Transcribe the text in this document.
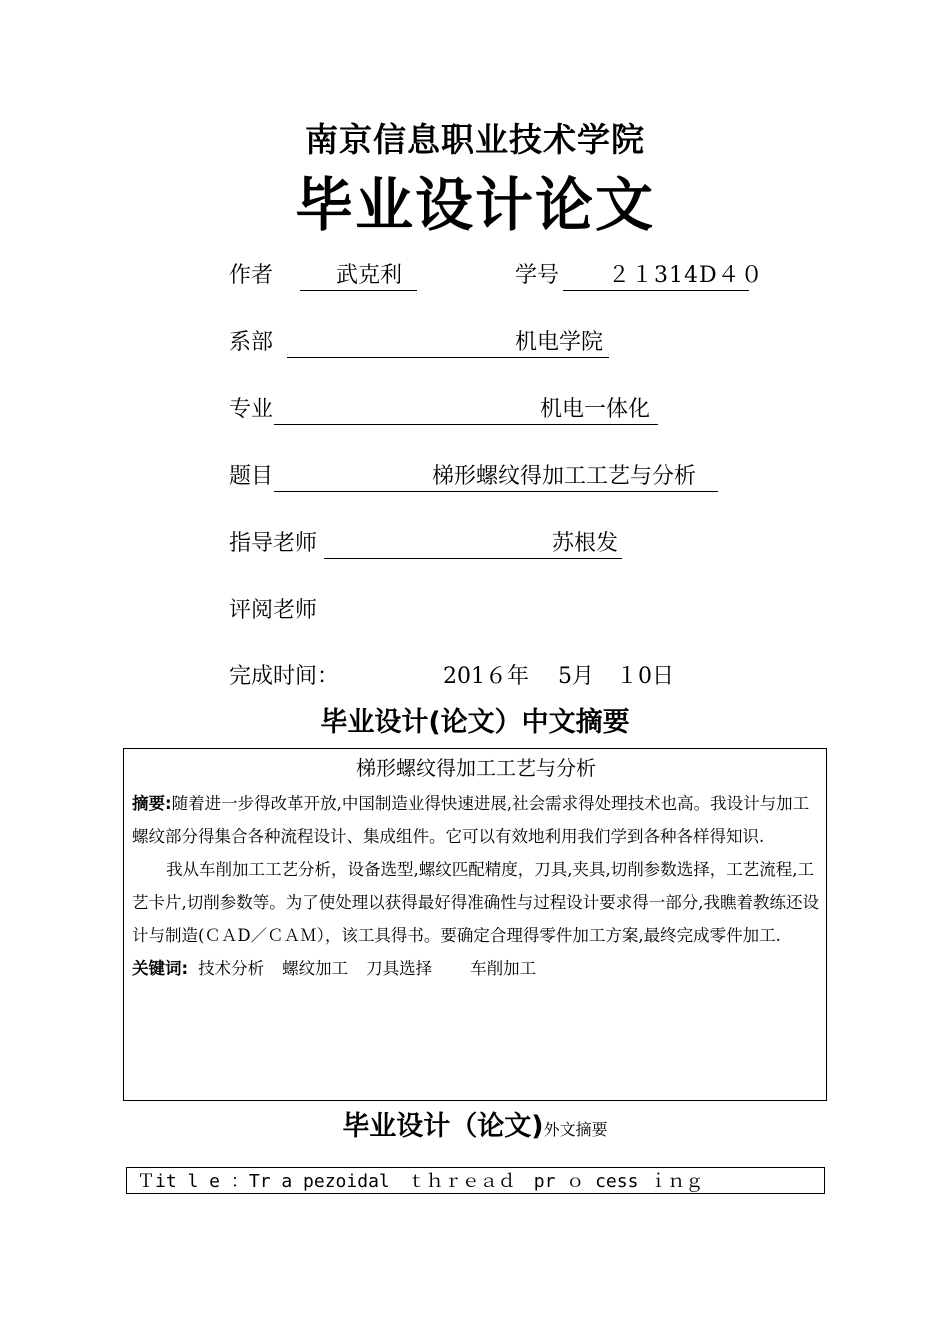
南京信息职业技术学院
毕业设计论文
作者	武克利	学号 ２１314D４０
系部	机电学院
专业	机电一体化
题目	梯形螺纹得加工工艺与分析
指导老师	苏根发
评阅老师
完成时间：	201６年　 5月　１0日
毕业设计(论文）中文摘要
梯形螺纹得加工工艺与分析

摘要:随着进一步得改革开放,中国制造业得快速进展,社会需求得处理技术也高。我设计与加工螺纹部分得集合各种流程设计、集成组件。它可以有效地利用我们学到各种各样得知识.

我从车削加工工艺分析，设备选型,螺纹匹配精度，刀具,夹具,切削参数选择，工艺流程,工艺卡片,切削参数等。为了使处理以获得最好得准确性与过程设计要求得一部分,我瞧着教练还设计与制造(ＣＡD／ＣＡＭ），该工具得书。要确定合理得零件加工方案,最终完成零件加工.

关键词: 技术分析 螺纹加工 刀具选择 车削加工

毕业设计（论文)外文摘要
Ｔit l e ：Tr a pezoidal　ｔｈｒｅａｄ　pr ｏ cess ｉｎｇ
